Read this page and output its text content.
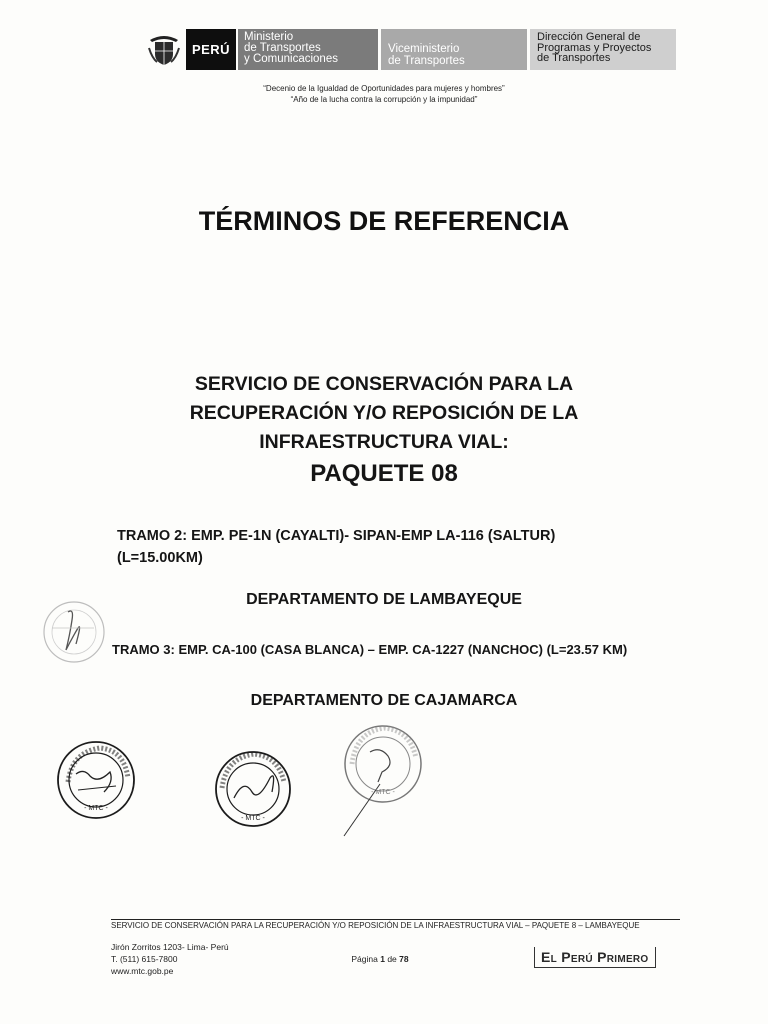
PERÚ
Ministerio
de Transportes
y Comunicaciones
Viceministerio
de Transportes
Dirección General de
Programas y Proyectos
de Transportes
“Decenio de la Igualdad de Oportunidades para mujeres y hombres”
“Año de la lucha contra la corrupción y la impunidad”
TÉRMINOS DE REFERENCIA
SERVICIO DE CONSERVACIÓN PARA LA
RECUPERACIÓN Y/O REPOSICIÓN DE LA
INFRAESTRUCTURA VIAL:
PAQUETE 08
TRAMO 2: EMP. PE-1N (CAYALTI)- SIPAN-EMP LA-116 (SALTUR)
(L=15.00KM)
DEPARTAMENTO DE LAMBAYEQUE
TRAMO 3: EMP. CA-100 (CASA BLANCA) – EMP. CA-1227 (NANCHOC) (L=23.57 KM)
DEPARTAMENTO DE CAJAMARCA
- MTC -
- MTC -
- MTC -
SERVICIO DE CONSERVACIÓN PARA LA RECUPERACIÓN Y/O REPOSICIÓN DE LA INFRAESTRUCTURA VIAL – PAQUETE 8 – LAMBAYEQUE
Jirón Zorritos 1203- Lima- Perú
T. (511) 615-7800
www.mtc.gob.pe
Página 1 de 78	El Perú Primero
